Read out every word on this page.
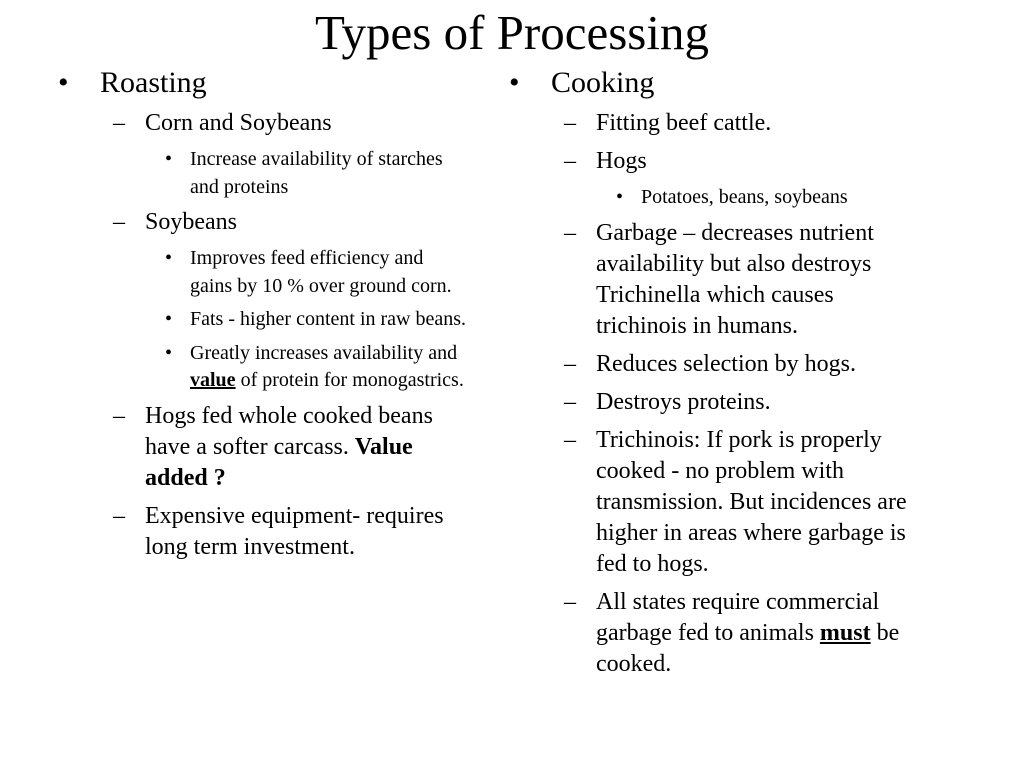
Types of Processing
•	Roasting
– Corn and Soybeans
• Increase availability of starches and proteins
– Soybeans
• Improves feed efficiency and gains by 10 % over ground corn.
• Fats - higher content in raw beans.
• Greatly increases availability and value of protein for monogastrics.
– Hogs fed whole cooked beans have a softer carcass. Value added ?
– Expensive equipment- requires long term investment.
•	Cooking
– Fitting beef cattle.
– Hogs
• Potatoes, beans, soybeans
– Garbage – decreases nutrient availability but also destroys Trichinella which causes trichinois in humans.
– Reduces selection by hogs.
– Destroys proteins.
– Trichinois: If pork is properly cooked - no problem with transmission. But incidences are higher in areas where garbage is fed to hogs.
– All states require commercial garbage fed to animals must be cooked.
